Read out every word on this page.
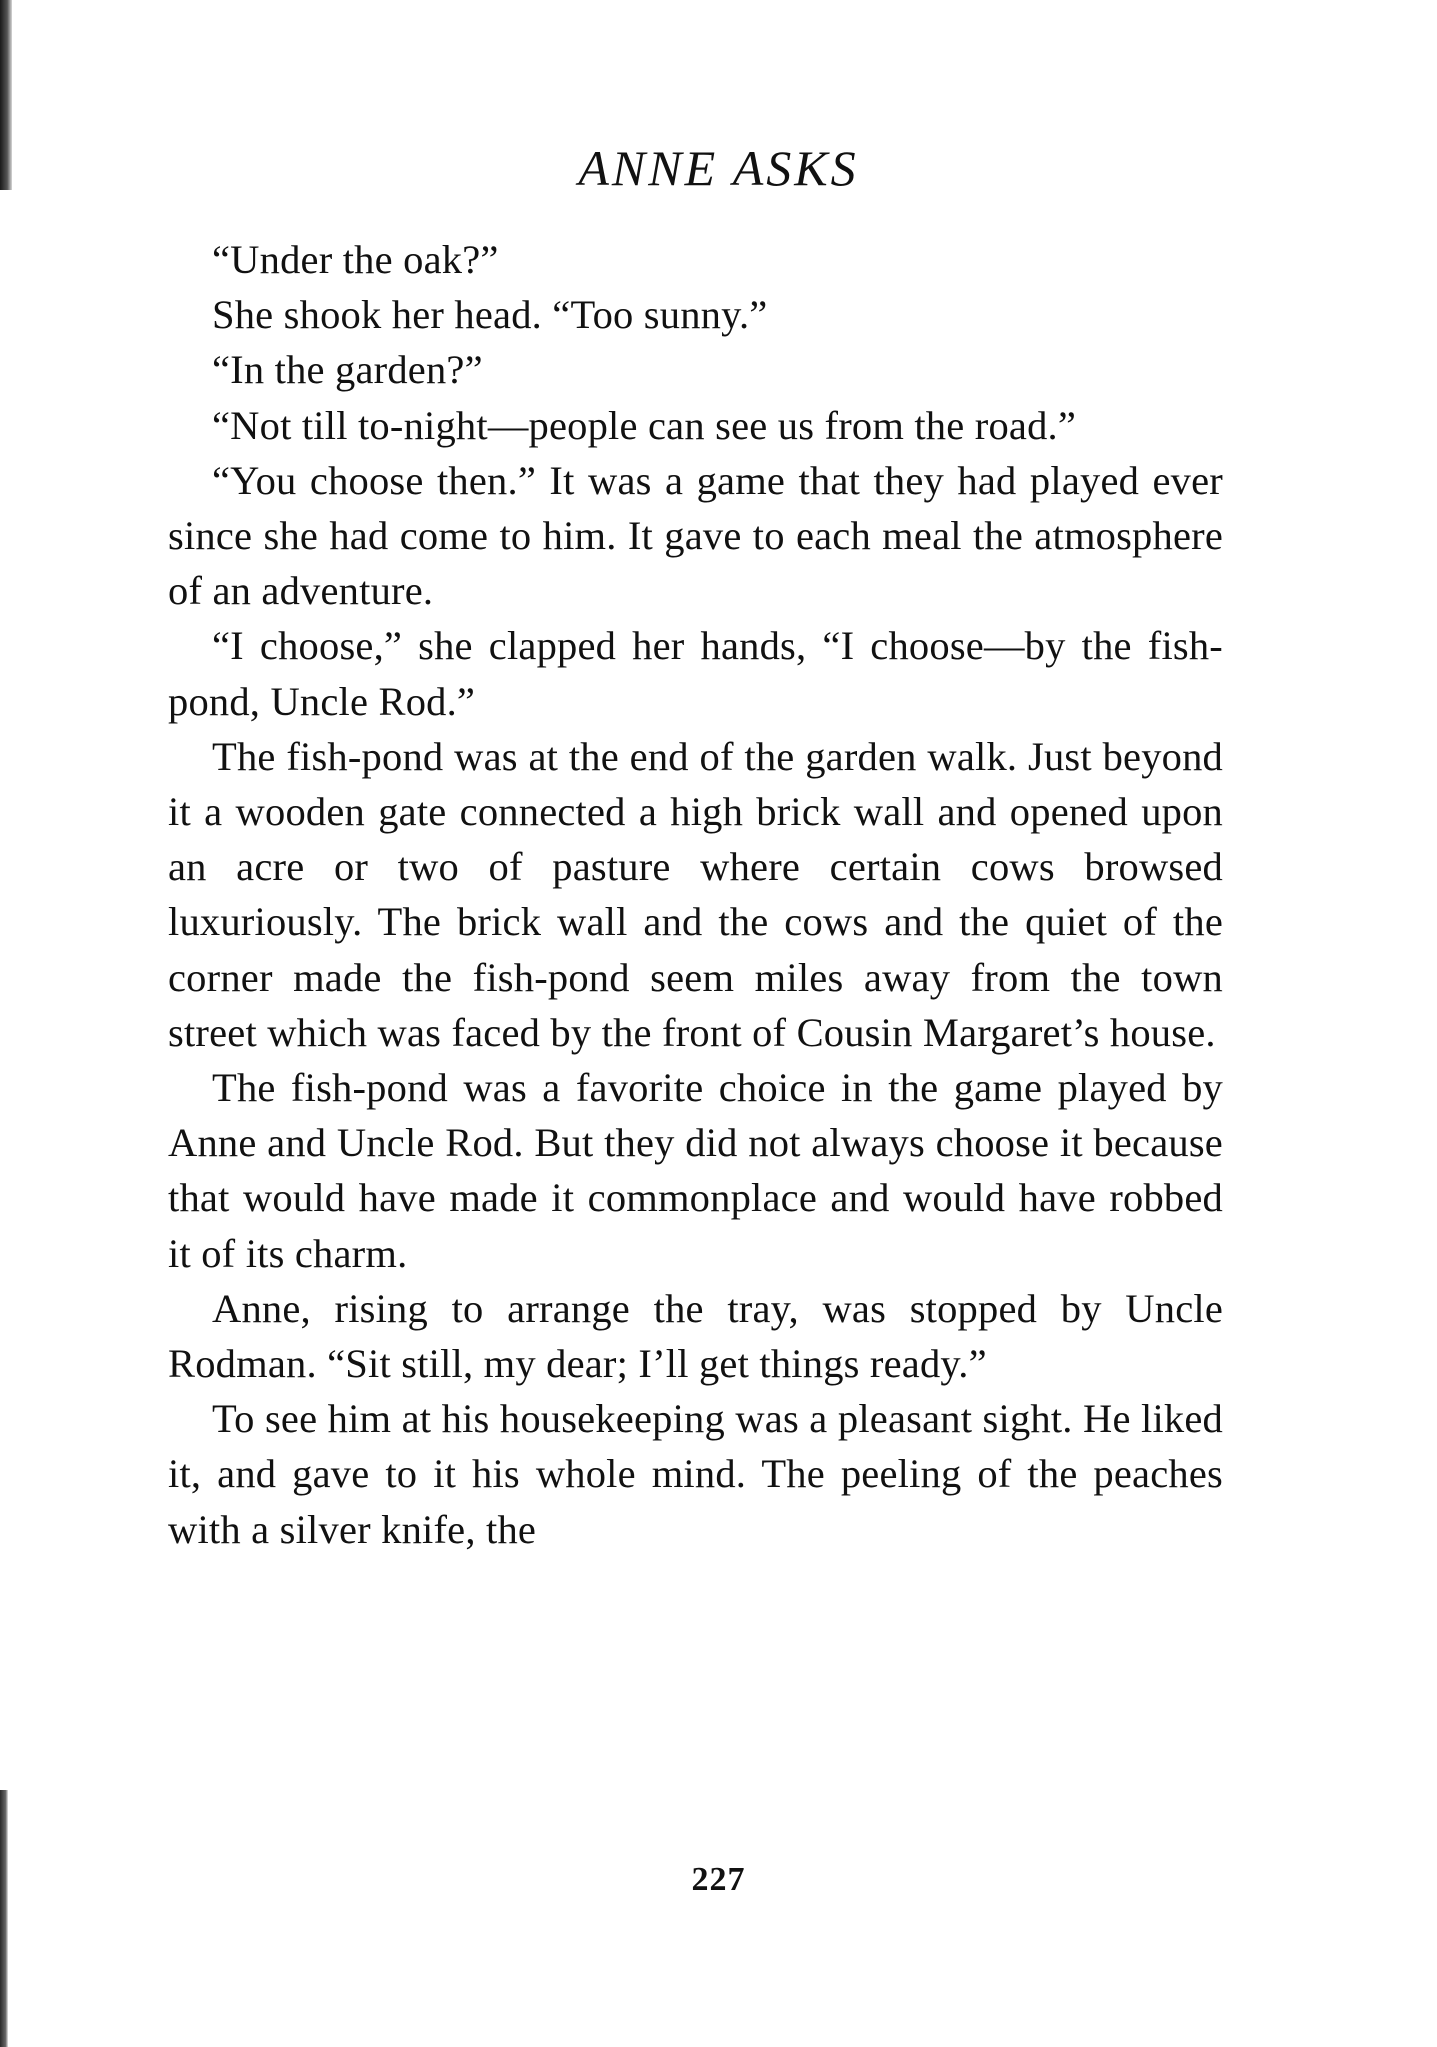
ANNE ASKS

“Under the oak?”

She shook her head. “Too sunny.”

“In the garden?”

“Not till to-night—people can see us from the road.”

“You choose then.” It was a game that they had played ever since she had come to him. It gave to each meal the atmosphere of an adventure.

“I choose,” she clapped her hands, “I choose—by the fish-pond, Uncle Rod.”

The fish-pond was at the end of the garden walk. Just beyond it a wooden gate connected a high brick wall and opened upon an acre or two of pasture where certain cows browsed luxuriously. The brick wall and the cows and the quiet of the corner made the fish-pond seem miles away from the town street which was faced by the front of Cousin Margaret’s house.

The fish-pond was a favorite choice in the game played by Anne and Uncle Rod. But they did not always choose it because that would have made it commonplace and would have robbed it of its charm.

Anne, rising to arrange the tray, was stopped by Uncle Rodman. “Sit still, my dear; I’ll get things ready.”

To see him at his housekeeping was a pleasant sight. He liked it, and gave to it his whole mind. The peeling of the peaches with a silver knife, the

227
